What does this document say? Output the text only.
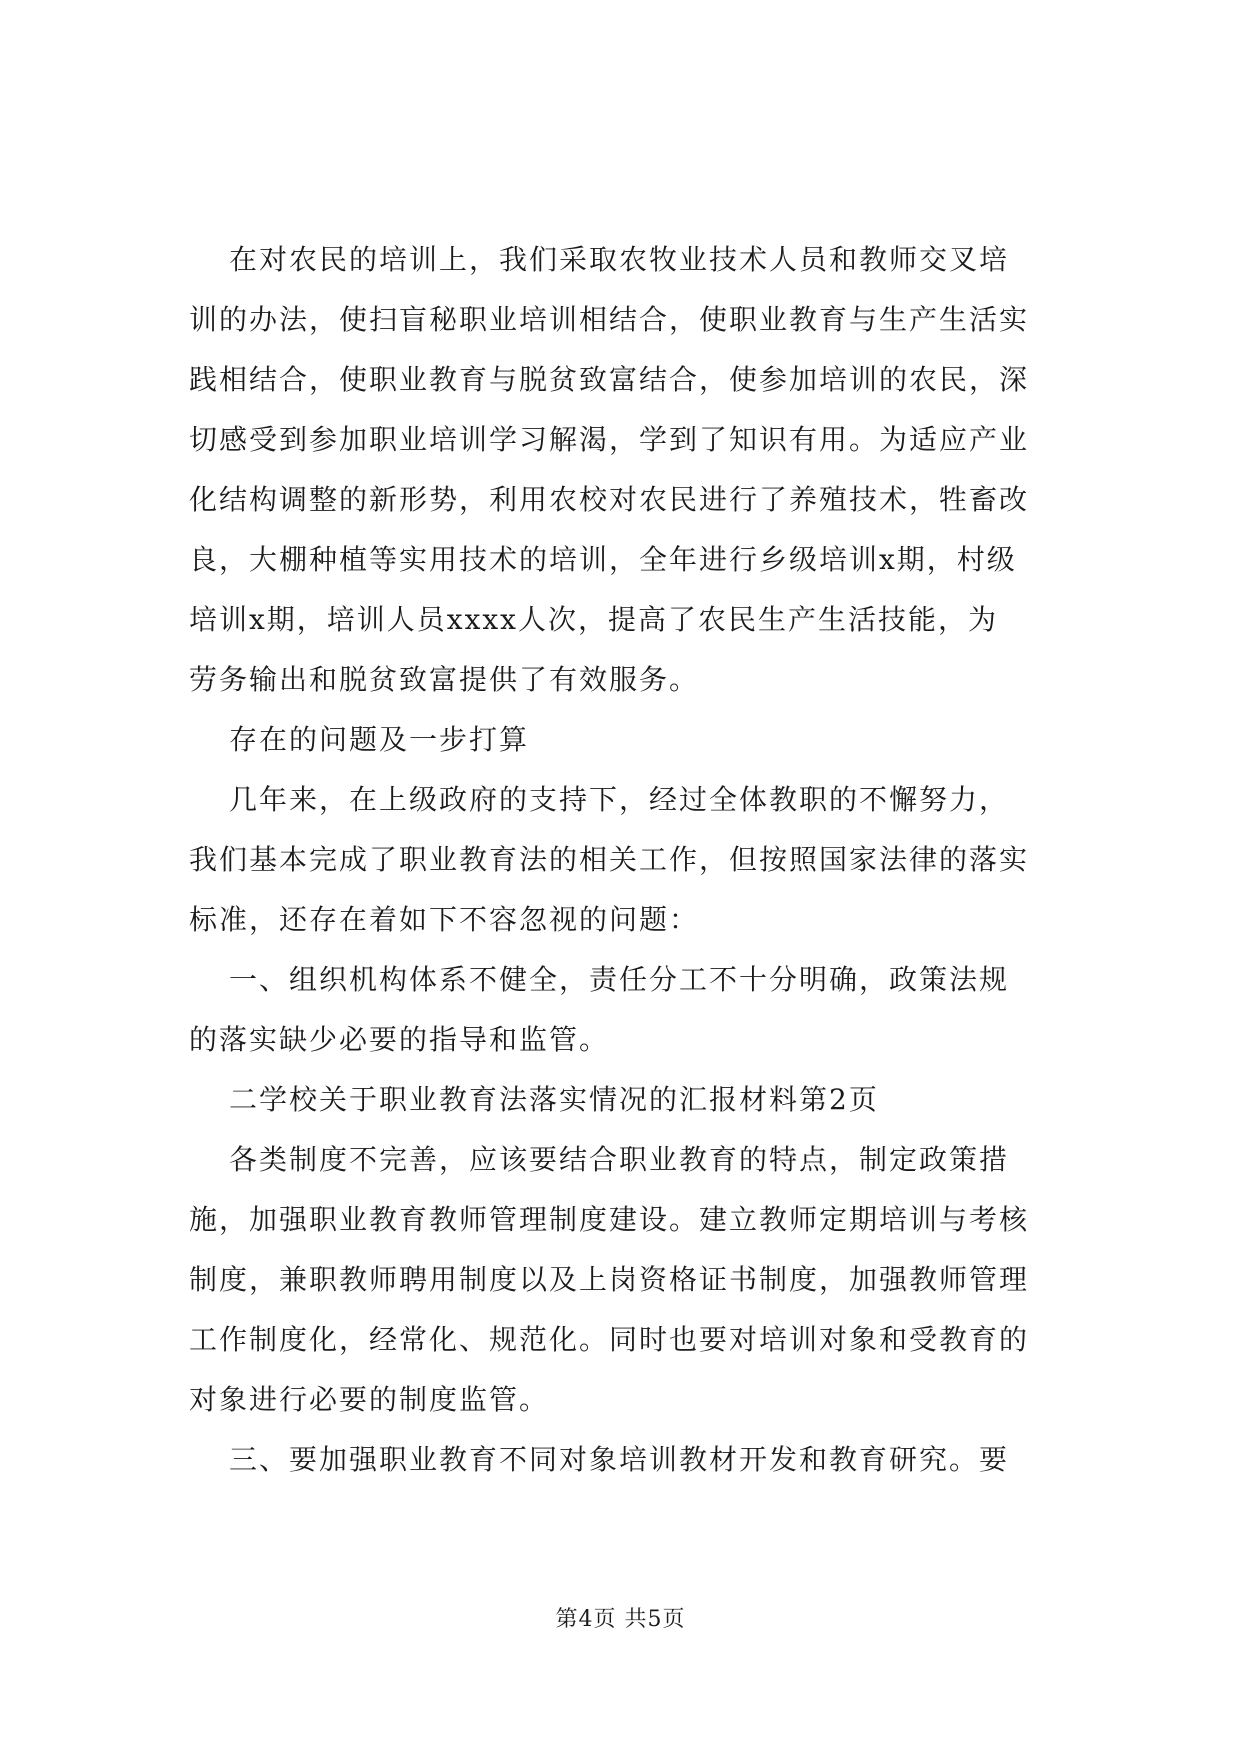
在对农民的培训上，我们采取农牧业技术人员和教师交叉培
训的办法，使扫盲秘职业培训相结合，使职业教育与生产生活实
践相结合，使职业教育与脱贫致富结合，使参加培训的农民，深
切感受到参加职业培训学习解渴，学到了知识有用。为适应产业
化结构调整的新形势，利用农校对农民进行了养殖技术，牲畜改
良，大棚种植等实用技术的培训，全年进行乡级培训x期，村级
培训x期，培训人员xxxx人次，提高了农民生产生活技能，为
劳务输出和脱贫致富提供了有效服务。
存在的问题及一步打算
几年来，在上级政府的支持下，经过全体教职的不懈努力，
我们基本完成了职业教育法的相关工作，但按照国家法律的落实
标准，还存在着如下不容忽视的问题：
一、组织机构体系不健全，责任分工不十分明确，政策法规
的落实缺少必要的指导和监管。
二学校关于职业教育法落实情况的汇报材料第2页
各类制度不完善，应该要结合职业教育的特点，制定政策措
施，加强职业教育教师管理制度建设。建立教师定期培训与考核
制度，兼职教师聘用制度以及上岗资格证书制度，加强教师管理
工作制度化，经常化、规范化。同时也要对培训对象和受教育的
对象进行必要的制度监管。
三、要加强职业教育不同对象培训教材开发和教育研究。要
第4页 共5页
